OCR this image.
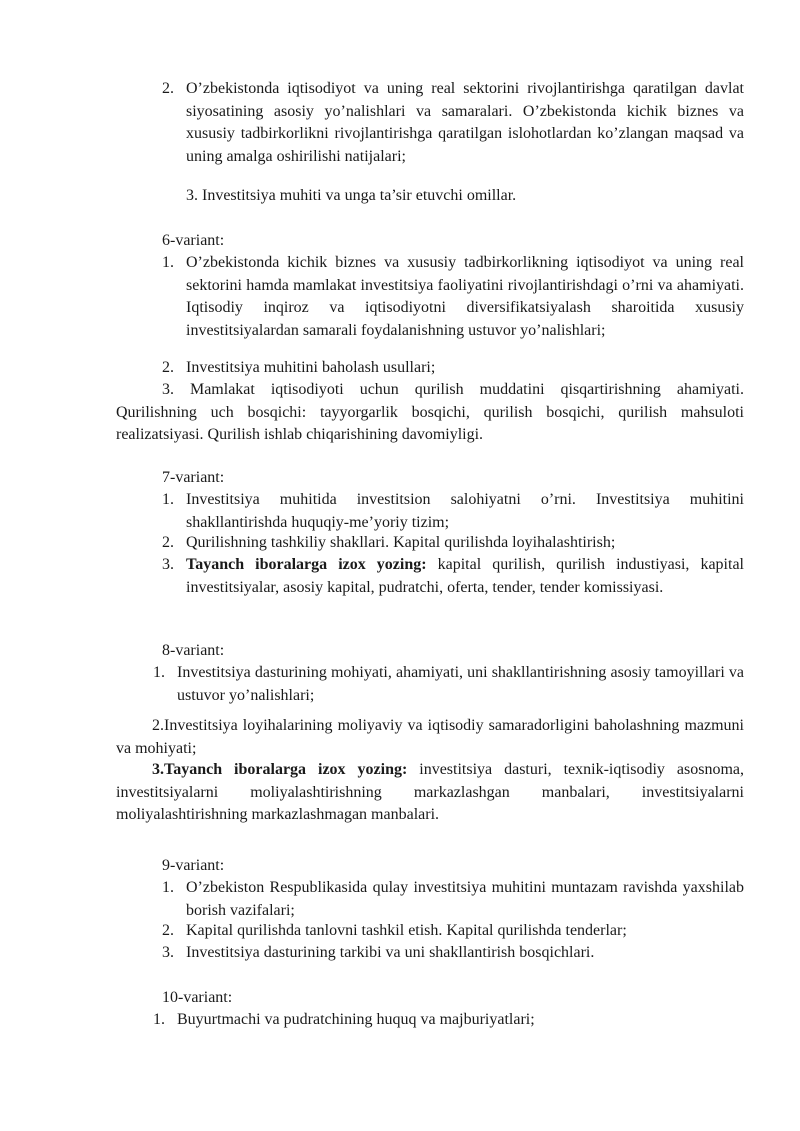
2. O’zbekistonda iqtisodiyot va uning real sektorini rivojlantirishga qaratilgan davlat siyosatining asosiy yo’nalishlari va samaralari. O’zbekistonda kichik biznes va xususiy tadbirkorlikni rivojlantirishga qaratilgan islohotlardan ko’zlangan maqsad va uning amalga oshirilishi natijalari;
3. Investitsiya muhiti va unga ta’sir etuvchi omillar.
6-variant:
1. O’zbekistonda kichik biznes va xususiy tadbirkorlikning iqtisodiyot va uning real sektorini hamda mamlakat investitsiya faoliyatini rivojlantirishdagi o’rni va ahamiyati. Iqtisodiy inqiroz va iqtisodiyotni diversifikatsiyalash sharoitida xususiy investitsiyalardan samarali foydalanishning ustuvor yo’nalishlari;
2. Investitsiya muhitini baholash usullari;
3. Mamlakat iqtisodiyoti uchun qurilish muddatini qisqartirishning ahamiyati. Qurilishning uch bosqichi: tayyorgarlik bosqichi, qurilish bosqichi, qurilish mahsuloti realizatsiyasi. Qurilish ishlab chiqarishining davomiyligi.
7-variant:
1. Investitsiya muhitida investitsion salohiyatni o’rni. Investitsiya muhitini shakllantirishda huquqiy-me’yoriy tizim;
2. Qurilishning tashkiliy shakllari. Kapital qurilishda loyihalashtirish;
3. Tayanch iboralarga izox yozing: kapital qurilish, qurilish industiyasi, kapital investitsiyalar, asosiy kapital, pudratchi, oferta, tender, tender komissiyasi.
8-variant:
1. Investitsiya dasturining mohiyati, ahamiyati, uni shakllantirishning asosiy tamoyillari va ustuvor yo’nalishlari;
2.Investitsiya loyihalarining moliyaviy va iqtisodiy samaradorligini baholashning mazmuni va mohiyati;
3.Tayanch iboralarga izox yozing: investitsiya dasturi, texnik-iqtisodiy asosnoma, investitsiyalarni moliyalashtirishning markazlashgan manbalari, investitsiyalarni moliyalashtirishning markazlashmagan manbalari.
9-variant:
1. O’zbekiston Respublikasida qulay investitsiya muhitini muntazam ravishda yaxshilab borish vazifalari;
2. Kapital qurilishda tanlovni tashkil etish. Kapital qurilishda tenderlar;
3. Investitsiya dasturining tarkibi va uni shakllantirish bosqichlari.
10-variant:
1. Buyurtmachi va pudratchining huquq va majburiyatlari;
